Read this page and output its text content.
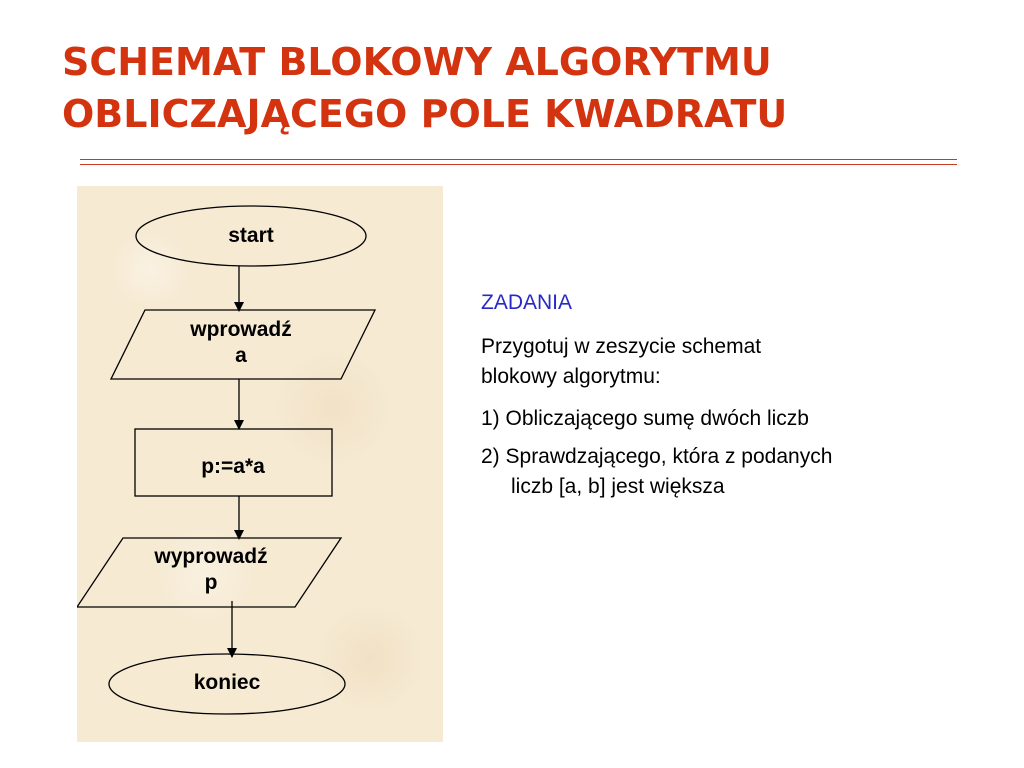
SCHEMAT BLOKOWY ALGORYTMU
OBLICZAJĄCEGO POLE KWADRATU
start
wprowadź
a
p:=a*a
wyprowadź
p
koniec
ZADANIA
Przygotuj w zeszycie schemat
blokowy algorytmu:
1) Obliczającego sumę dwóch liczb
2) Sprawdzającego, która z podanych
liczb [a, b] jest większa
